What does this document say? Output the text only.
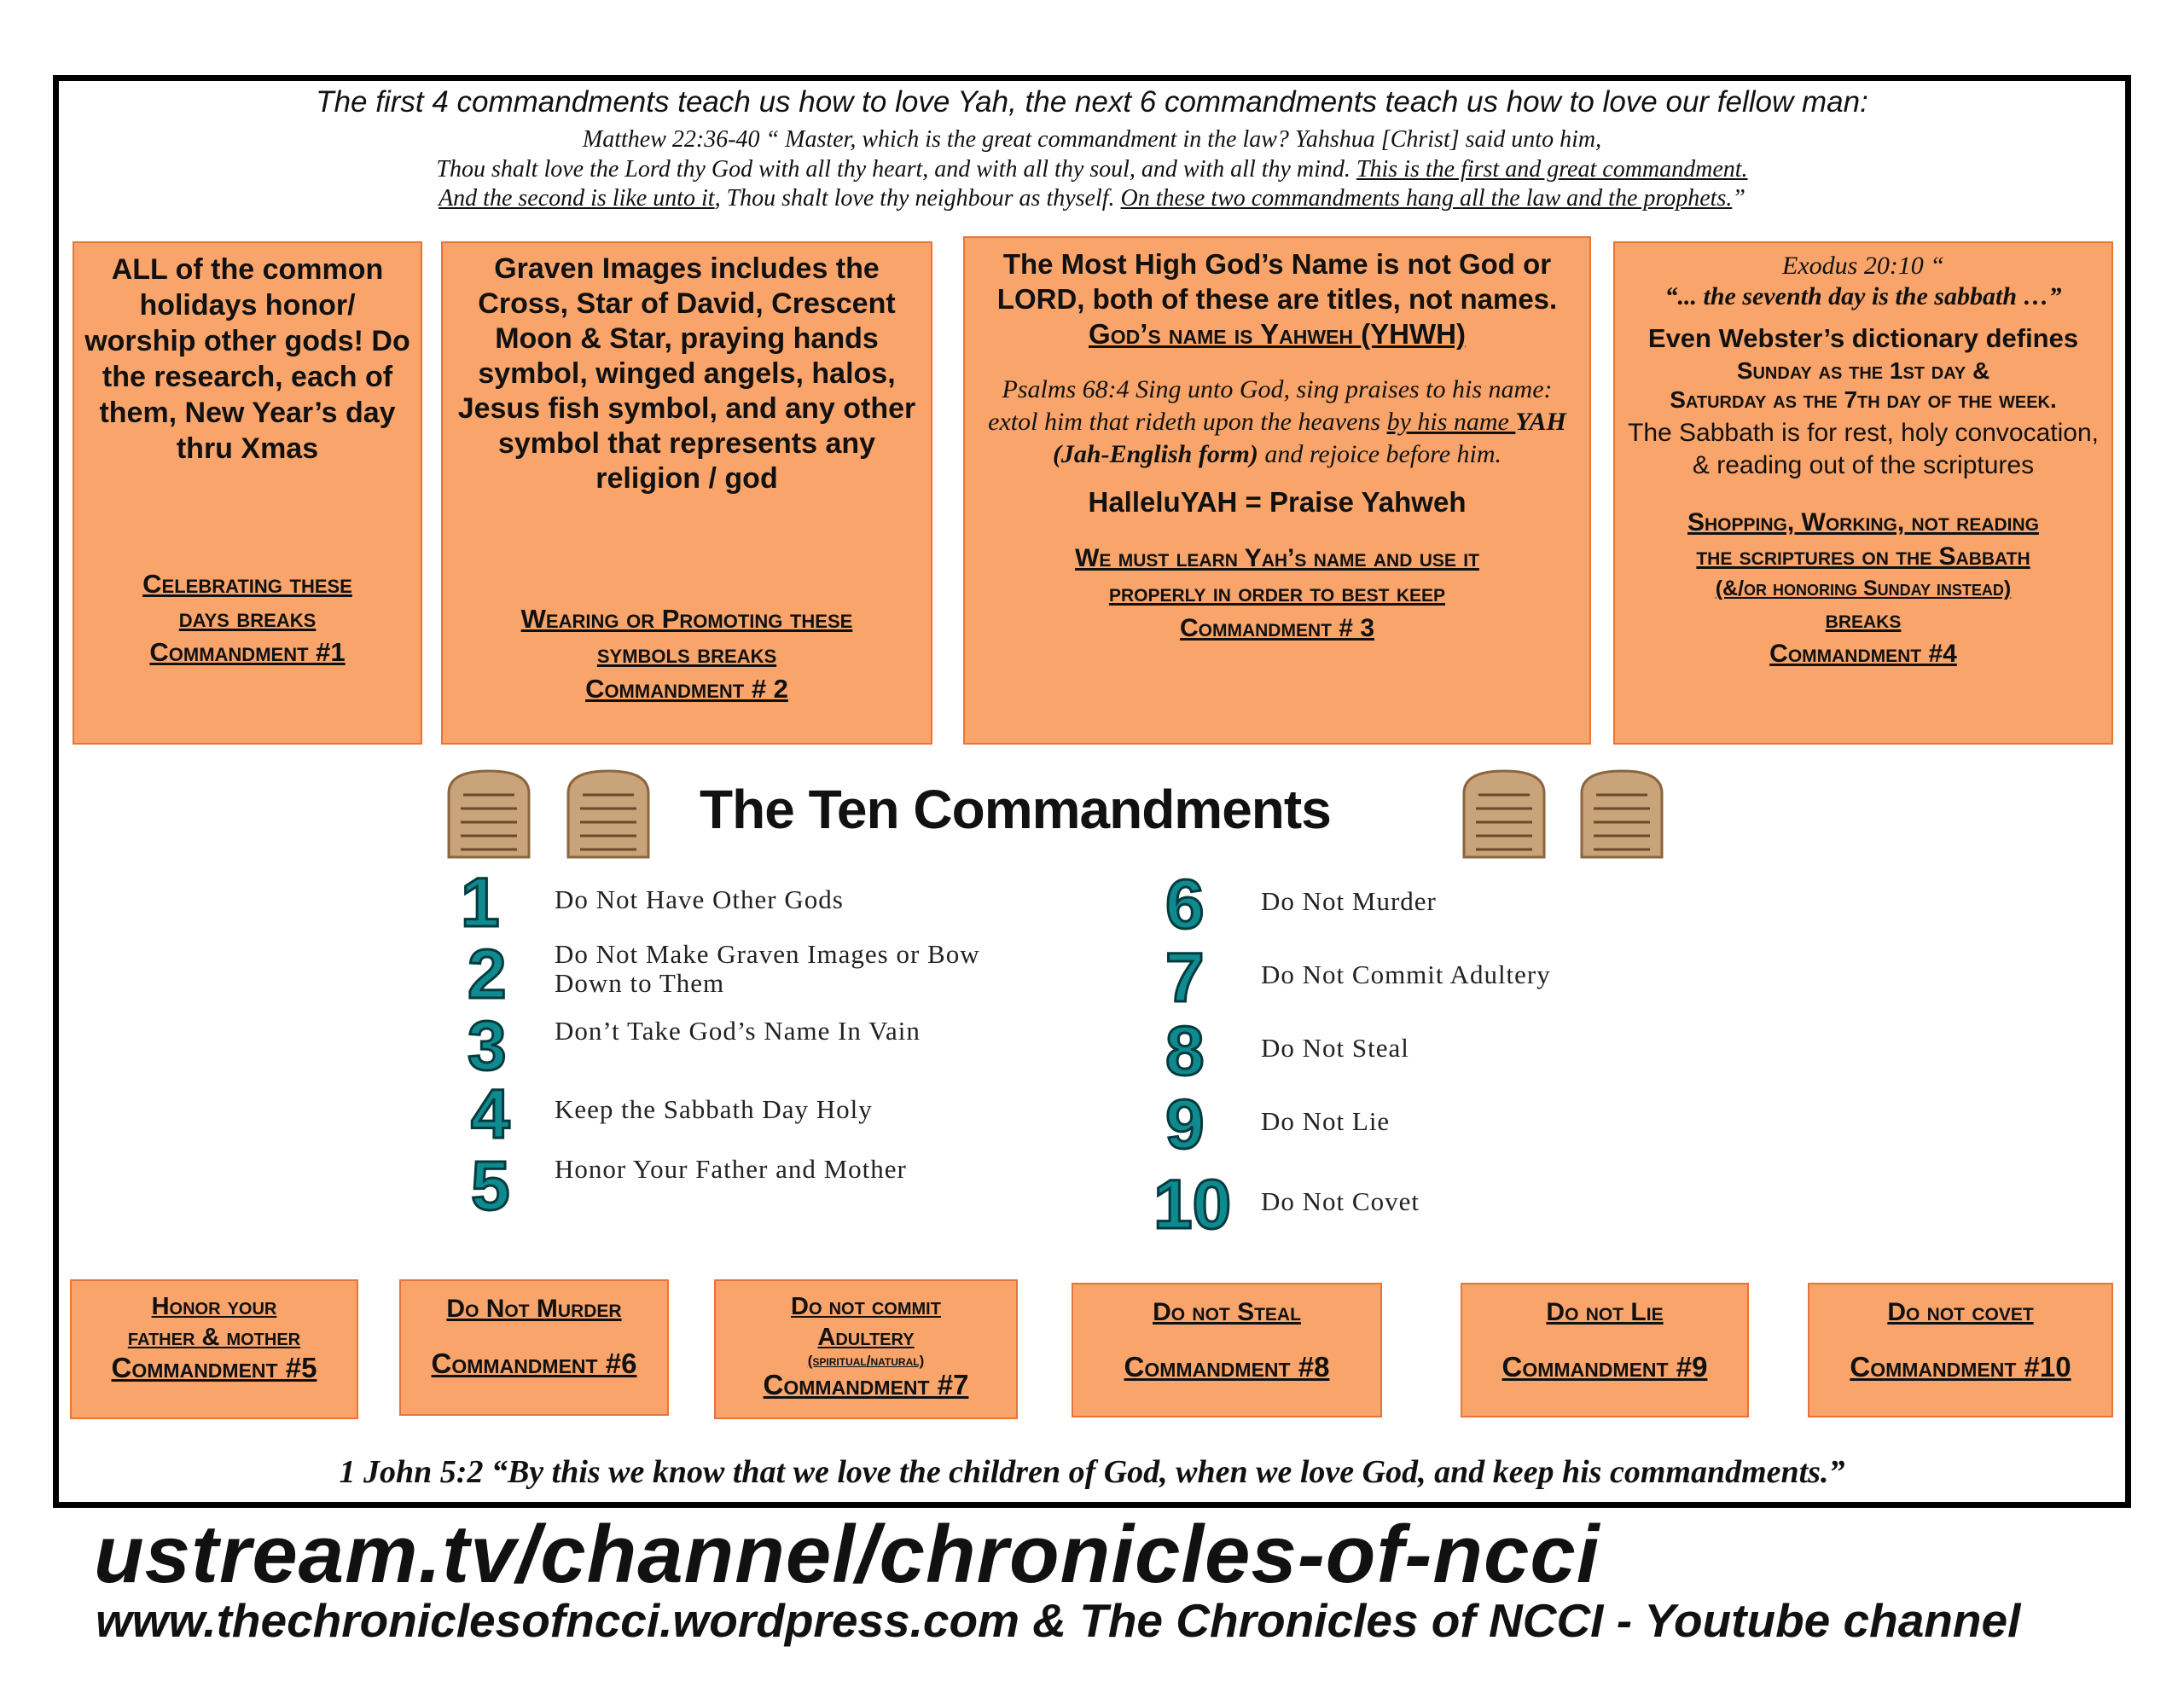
The first 4 commandments teach us how to love Yah, the next 6 commandments teach us how to love our fellow man:
Matthew 22:36-40 “ Master, which is the great commandment in the law? Yahshua [Christ] said unto him,
Thou shalt love the Lord thy God with all thy heart, and with all thy soul, and with all thy mind. This is the first and great commandment.
And the second is like unto it, Thou shalt love thy neighbour as thyself. On these two commandments hang all the law and the prophets.”
ALL of the common holidays honor/ worship other gods! Do the research, each of them, New Year’s day thru Xmas
Celebrating these
days breaks
Commandment #1
Graven Images includes the Cross, Star of David, Crescent Moon & Star, praying hands symbol, winged angels, halos, Jesus fish symbol, and any other symbol that represents any religion / god
Wearing or Promoting these
symbols breaks
Commandment # 2
The Most High God’s Name is not God or LORD, both of these are titles, not names. God’s name is Yahweh (YHWH)
Psalms 68:4 Sing unto God, sing praises to his name: extol him that rideth upon the heavens by his name YAH (Jah-English form) and rejoice before him.
HalleluYAH = Praise Yahweh
We must learn Yah’s name and use it
properly in order to best keep
Commandment # 3
Exodus 20:10 “
“... the seventh day is the sabbath …”
Even Webster’s dictionary defines
Sunday as the 1st day &
Saturday as the 7th day of the week.
The Sabbath is for rest, holy convocation, & reading out of the scriptures
Shopping, Working, not reading
the scriptures on the Sabbath
(&/or honoring Sunday instead)
breaks
Commandment #4
The Ten Commandments
1 Do Not Have Other Gods
2 Do Not Make Graven Images or Bow Down to Them
3 Don’t Take God’s Name In Vain
4 Keep the Sabbath Day Holy
5 Honor Your Father and Mother
6 Do Not Murder
7 Do Not Commit Adultery
8 Do Not Steal
9 Do Not Lie
10 Do Not Covet
Honor your
father & mother
Commandment #5
Do Not Murder
Commandment #6
Do not commit
Adultery
(spiritual/natural)
Commandment #7
Do not Steal
Commandment #8
Do not Lie
Commandment #9
Do not covet
Commandment #10
1 John 5:2 “By this we know that we love the children of God, when we love God, and keep his commandments.”
ustream.tv/channel/chronicles-of-ncci
www.thechroniclesofncci.wordpress.com & The Chronicles of NCCI - Youtube channel
